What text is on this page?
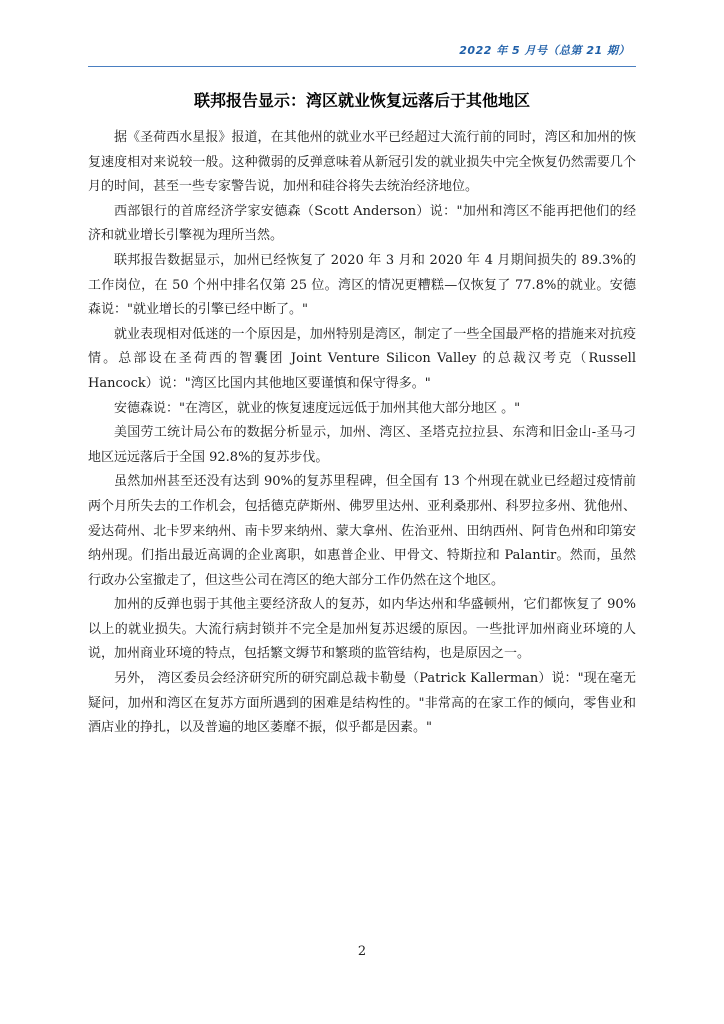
2022 年 5 月号（总第 21 期）
联邦报告显示：湾区就业恢复远落后于其他地区

据《圣荷西水星报》报道，在其他州的就业水平已经超过大流行前的同时，湾区和加州的恢复速度相对来说较一般。这种微弱的反弹意味着从新冠引发的就业损失中完全恢复仍然需要几个月的时间，甚至一些专家警告说，加州和硅谷将失去统治经济地位。

西部银行的首席经济学家安德森（Scott Anderson）说："加州和湾区不能再把他们的经济和就业增长引擎视为理所当然。

联邦报告数据显示，加州已经恢复了 2020 年 3 月和 2020 年 4 月期间损失的 89.3%的工作岗位，在 50 个州中排名仅第 25 位。湾区的情况更糟糕—仅恢复了 77.8%的就业。安德森说："就业增长的引擎已经中断了。"

就业表现相对低迷的一个原因是，加州特别是湾区，制定了一些全国最严格的措施来对抗疫情。总部设在圣荷西的智囊团 Joint Venture Silicon Valley 的总裁汉考克（Russell Hancock）说："湾区比国内其他地区要谨慎和保守得多。"

安德森说："在湾区，就业的恢复速度远远低于加州其他大部分地区 。"

美国劳工统计局公布的数据分析显示，加州、湾区、圣塔克拉拉县、东湾和旧金山-圣马刁地区远远落后于全国 92.8%的复苏步伐。

虽然加州甚至还没有达到 90%的复苏里程碑，但全国有 13 个州现在就业已经超过疫情前两个月所失去的工作机会，包括德克萨斯州、佛罗里达州、亚利桑那州、科罗拉多州、犹他州、爱达荷州、北卡罗来纳州、南卡罗来纳州、蒙大拿州、佐治亚州、田纳西州、阿肯色州和印第安纳州现。们指出最近高调的企业离职，如惠普企业、甲骨文、特斯拉和 Palantir。然而，虽然行政办公室撤走了，但这些公司在湾区的绝大部分工作仍然在这个地区。

加州的反弹也弱于其他主要经济敌人的复苏，如内华达州和华盛顿州，它们都恢复了 90%以上的就业损失。大流行病封锁并不完全是加州复苏迟缓的原因。一些批评加州商业环境的人说，加州商业环境的特点，包括繁文缛节和繁琐的监管结构，也是原因之一。

另外， 湾区委员会经济研究所的研究副总裁卡勒曼（Patrick Kallerman）说："现在毫无疑问，加州和湾区在复苏方面所遇到的困难是结构性的。"非常高的在家工作的倾向，零售业和酒店业的挣扎，以及普遍的地区萎靡不振，似乎都是因素。"

2
